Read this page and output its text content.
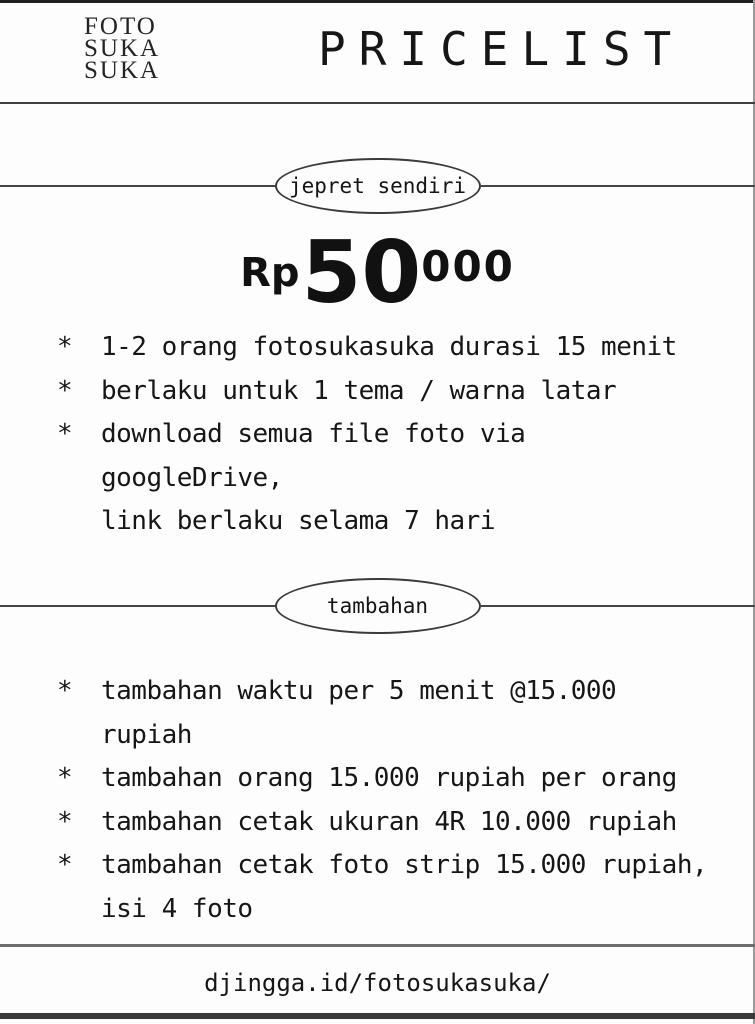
FOTO
SUKA
SUKA	PRICELIST
jepret sendiri
Rp 50 000
*	1-2 orang fotosukasuka durasi 15 menit
*	berlaku untuk 1 tema / warna latar
*	download semua file foto via googleDrive,
link berlaku selama 7 hari
tambahan
*	tambahan waktu per 5 menit @15.000 rupiah
*	tambahan orang 15.000 rupiah per orang
*	tambahan cetak ukuran 4R 10.000 rupiah
*	tambahan cetak foto strip 15.000 rupiah,
isi 4 foto
djingga.id/fotosukasuka/
